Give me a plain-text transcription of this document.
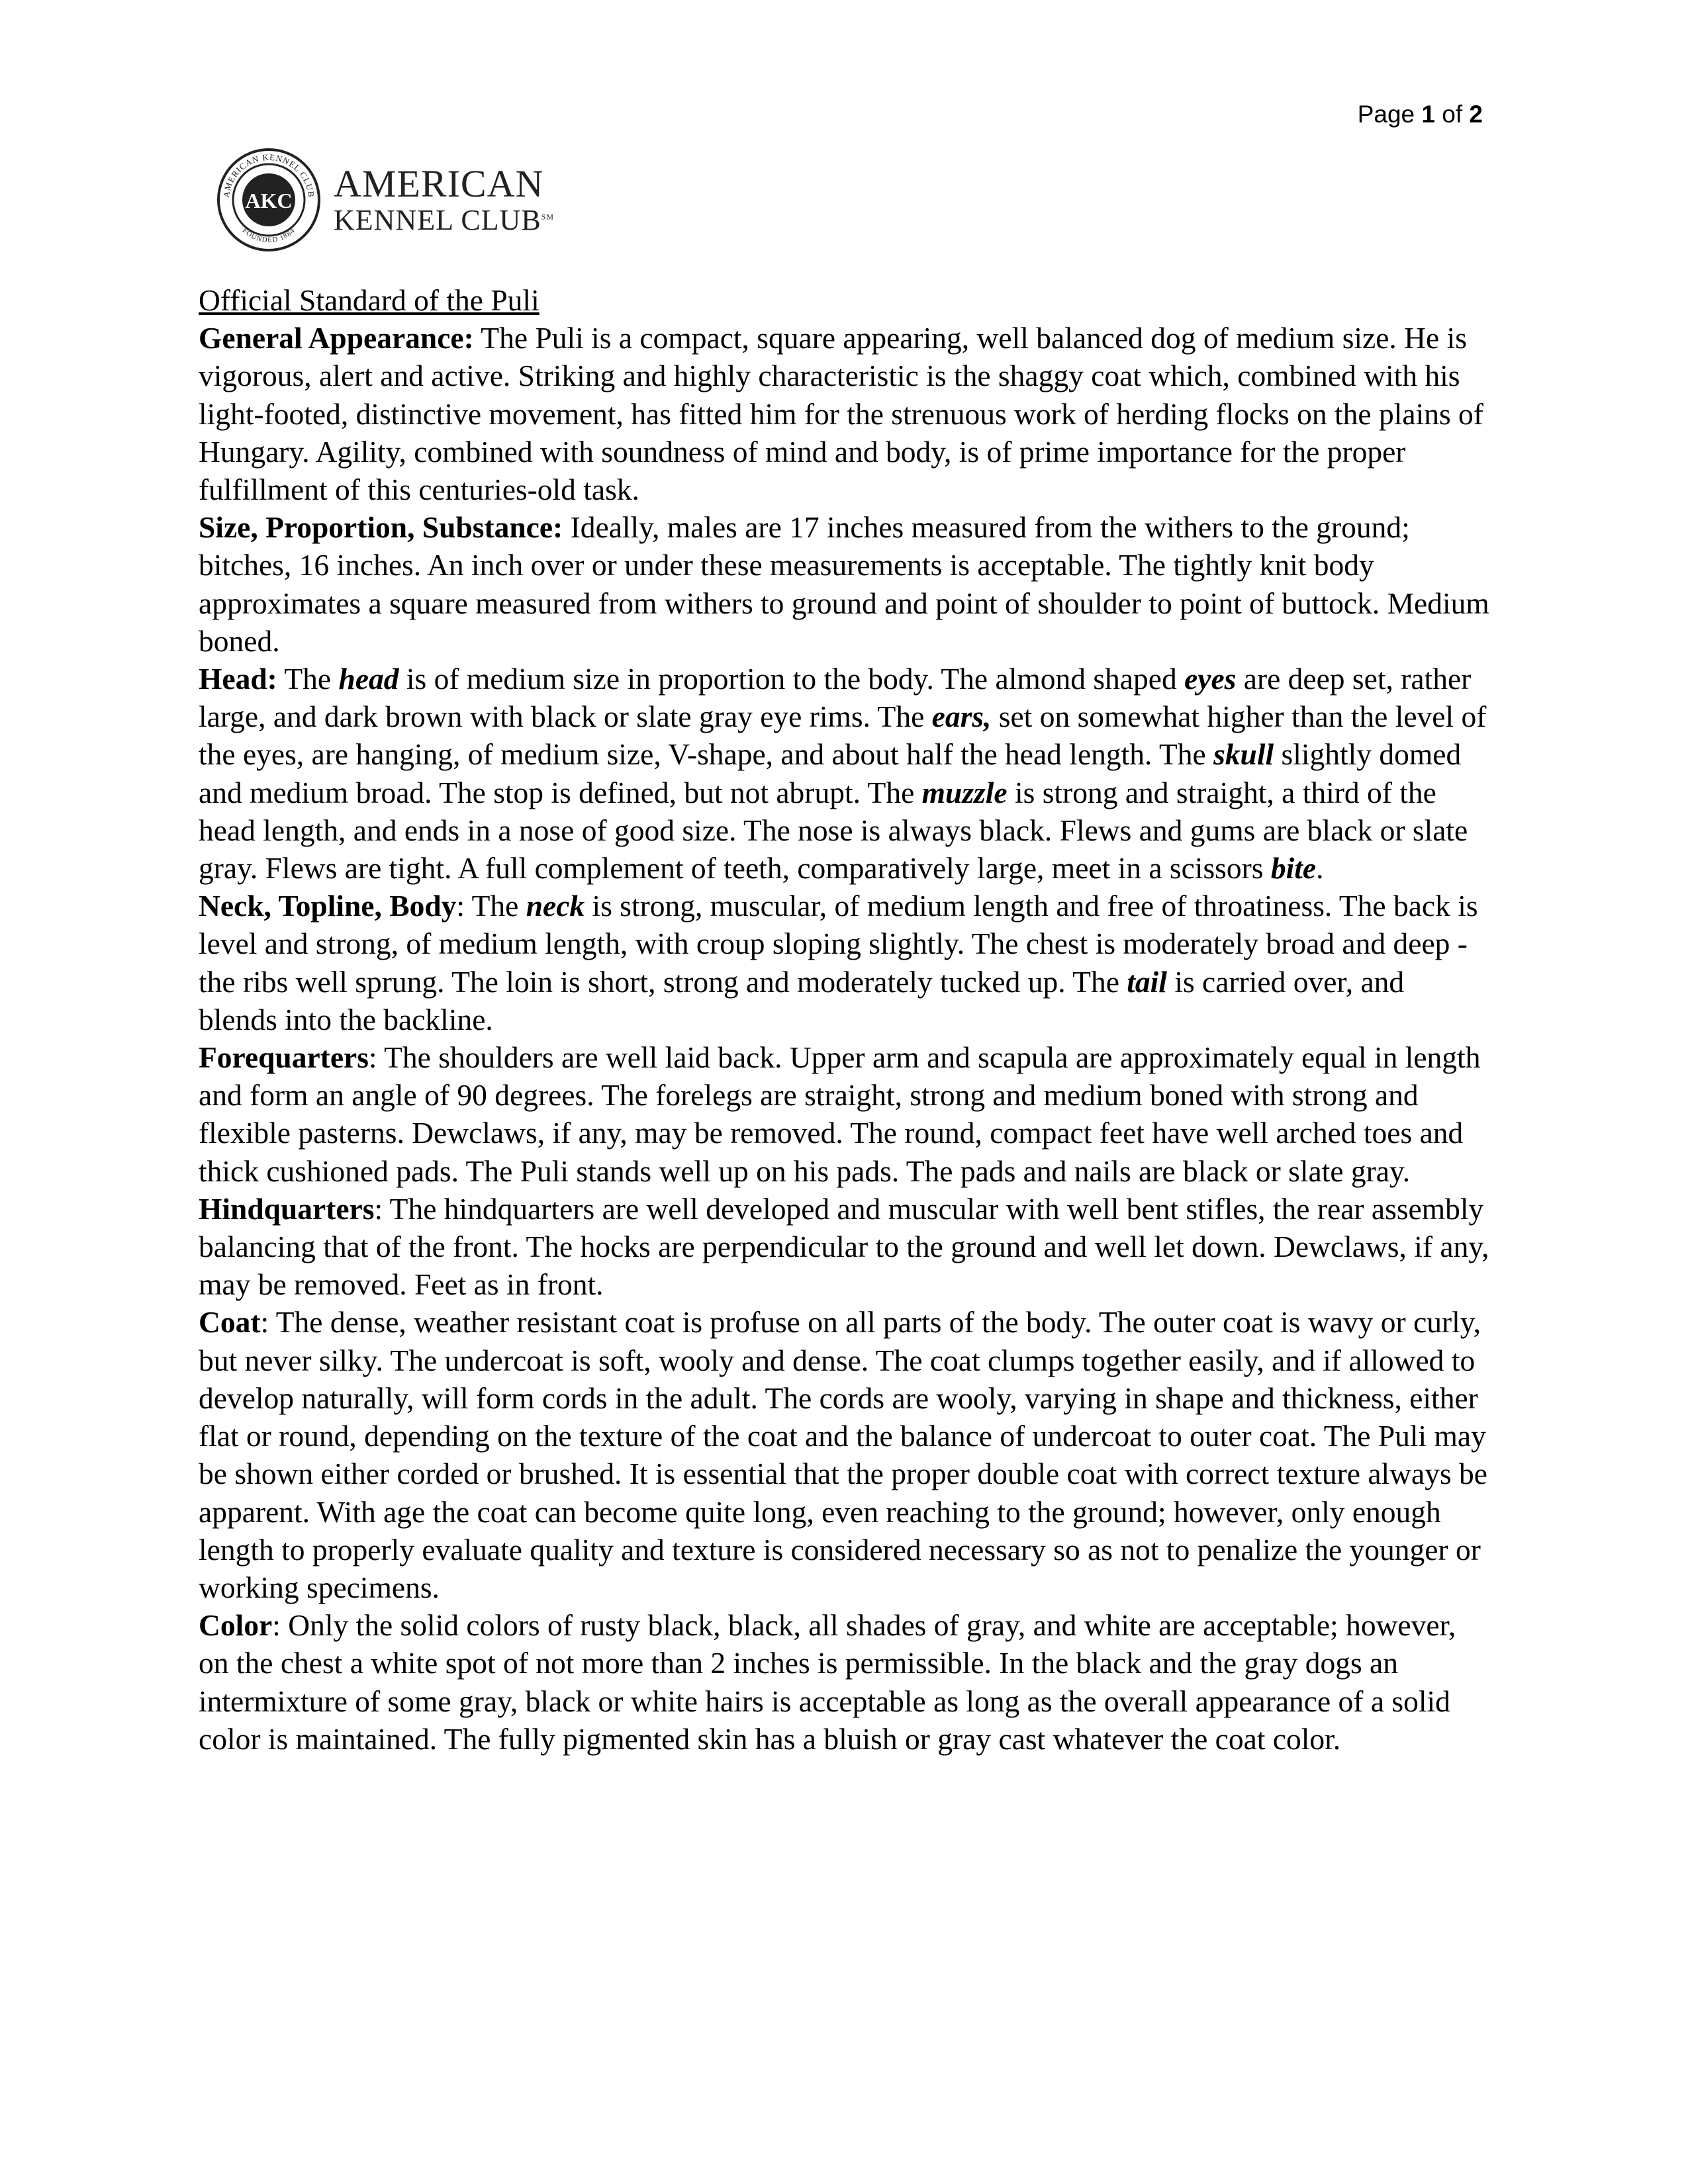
Page 1 of 2
AMERICAN KENNEL CLUB
FOUNDED 1884
AKC AMERICAN
KENNEL CLUB℠

Official Standard of the Puli

General Appearance: The Puli is a compact, square appearing, well balanced dog of medium size. He is vigorous, alert and active. Striking and highly characteristic is the shaggy coat which, combined with his light-footed, distinctive movement, has fitted him for the strenuous work of herding flocks on the plains of Hungary. Agility, combined with soundness of mind and body, is of prime importance for the proper fulfillment of this centuries-old task.

Size, Proportion, Substance: Ideally, males are 17 inches measured from the withers to the ground; bitches, 16 inches. An inch over or under these measurements is acceptable. The tightly knit body approximates a square measured from withers to ground and point of shoulder to point of buttock. Medium boned.

Head: The head is of medium size in proportion to the body. The almond shaped eyes are deep set, rather large, and dark brown with black or slate gray eye rims. The ears, set on somewhat higher than the level of the eyes, are hanging, of medium size, V-shape, and about half the head length. The skull slightly domed and medium broad. The stop is defined, but not abrupt. The muzzle is strong and straight, a third of the head length, and ends in a nose of good size. The nose is always black. Flews and gums are black or slate gray. Flews are tight. A full complement of teeth, comparatively large, meet in a scissors bite.

Neck, Topline, Body: The neck is strong, muscular, of medium length and free of throatiness. The back is level and strong, of medium length, with croup sloping slightly. The chest is moderately broad and deep - the ribs well sprung. The loin is short, strong and moderately tucked up. The tail is carried over, and blends into the backline.

Forequarters: The shoulders are well laid back. Upper arm and scapula are approximately equal in length and form an angle of 90 degrees. The forelegs are straight, strong and medium boned with strong and flexible pasterns. Dewclaws, if any, may be removed. The round, compact feet have well arched toes and thick cushioned pads. The Puli stands well up on his pads. The pads and nails are black or slate gray.

Hindquarters: The hindquarters are well developed and muscular with well bent stifles, the rear assembly balancing that of the front. The hocks are perpendicular to the ground and well let down. Dewclaws, if any, may be removed. Feet as in front.

Coat: The dense, weather resistant coat is profuse on all parts of the body. The outer coat is wavy or curly, but never silky. The undercoat is soft, wooly and dense. The coat clumps together easily, and if allowed to develop naturally, will form cords in the adult. The cords are wooly, varying in shape and thickness, either flat or round, depending on the texture of the coat and the balance of undercoat to outer coat. The Puli may be shown either corded or brushed. It is essential that the proper double coat with correct texture always be apparent. With age the coat can become quite long, even reaching to the ground; however, only enough length to properly evaluate quality and texture is considered necessary so as not to penalize the younger or working specimens.

Color: Only the solid colors of rusty black, black, all shades of gray, and white are acceptable; however, on the chest a white spot of not more than 2 inches is permissible. In the black and the gray dogs an intermixture of some gray, black or white hairs is acceptable as long as the overall appearance of a solid color is maintained. The fully pigmented skin has a bluish or gray cast whatever the coat color.
